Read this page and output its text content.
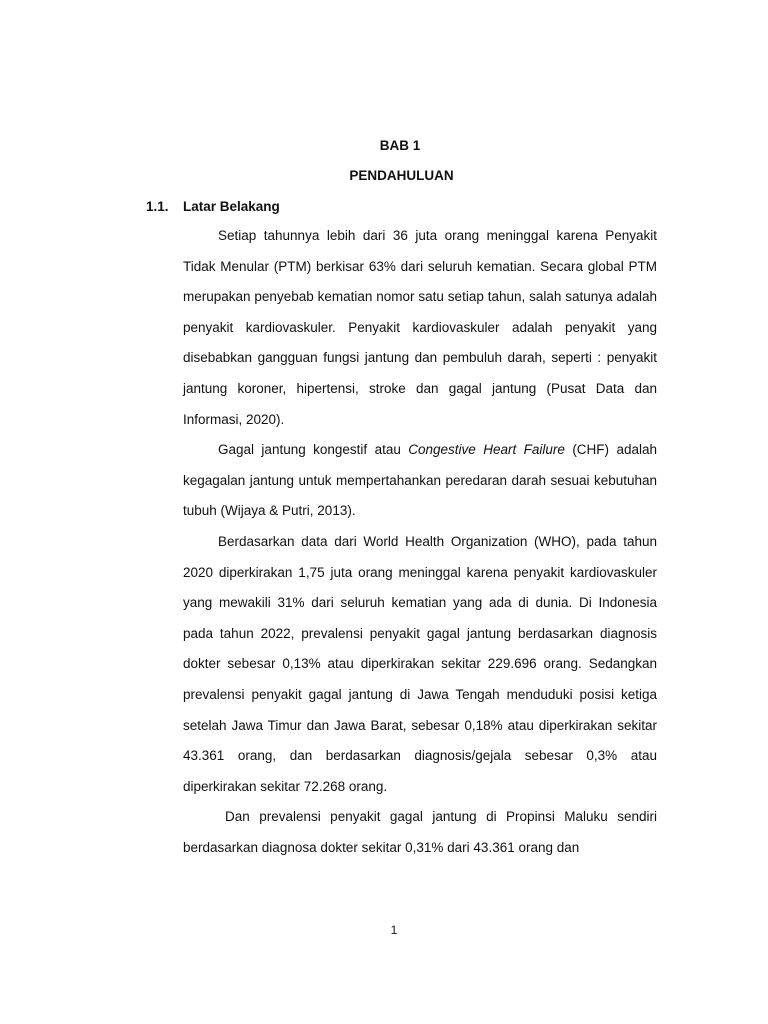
BAB 1
PENDAHULUAN
1.1. Latar Belakang

Setiap tahunnya lebih dari 36 juta orang meninggal karena Penyakit Tidak Menular (PTM) berkisar 63% dari seluruh kematian. Secara global PTM merupakan penyebab kematian nomor satu setiap tahun, salah satunya adalah penyakit kardiovaskuler. Penyakit kardiovaskuler adalah penyakit yang disebabkan gangguan fungsi jantung dan pembuluh darah, seperti : penyakit jantung koroner, hipertensi, stroke dan gagal jantung (Pusat Data dan Informasi, 2020).

Gagal jantung kongestif atau Congestive Heart Failure (CHF) adalah kegagalan jantung untuk mempertahankan peredaran darah sesuai kebutuhan tubuh (Wijaya & Putri, 2013).

Berdasarkan data dari World Health Organization (WHO), pada tahun 2020 diperkirakan 1,75 juta orang meninggal karena penyakit kardiovaskuler yang mewakili 31% dari seluruh kematian yang ada di dunia. Di Indonesia pada tahun 2022, prevalensi penyakit gagal jantung berdasarkan diagnosis dokter sebesar 0,13% atau diperkirakan sekitar 229.696 orang. Sedangkan prevalensi penyakit gagal jantung di Jawa Tengah menduduki posisi ketiga setelah Jawa Timur dan Jawa Barat, sebesar 0,18% atau diperkirakan sekitar 43.361 orang, dan berdasarkan diagnosis/gejala sebesar 0,3% atau diperkirakan sekitar 72.268 orang.

Dan prevalensi penyakit gagal jantung di Propinsi Maluku sendiri berdasarkan diagnosa dokter sekitar 0,31% dari 43.361 orang dan

1
